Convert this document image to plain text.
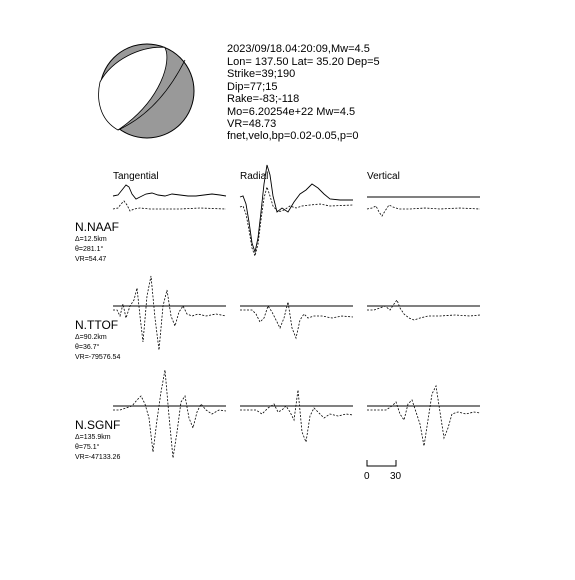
2023/09/18.04:20:09,Mw=4.5
Lon= 137.50 Lat= 35.20 Dep=5
Strike=39;190
Dip=77;15
Rake=-83;-118
Mo=6.20254e+22 Mw=4.5
VR=48.73
fnet,velo,bp=0.02-0.05,p=0
Tangential	Radial	Vertical
N.NAAF
Δ=12.5km
θ=281.1°
VR=54.47
N.TTOF
Δ=90.2km
θ=36.7°
VR=-79576.54
N.SGNF
Δ=135.9km
θ=75.1°
VR=-47133.26
0 30
